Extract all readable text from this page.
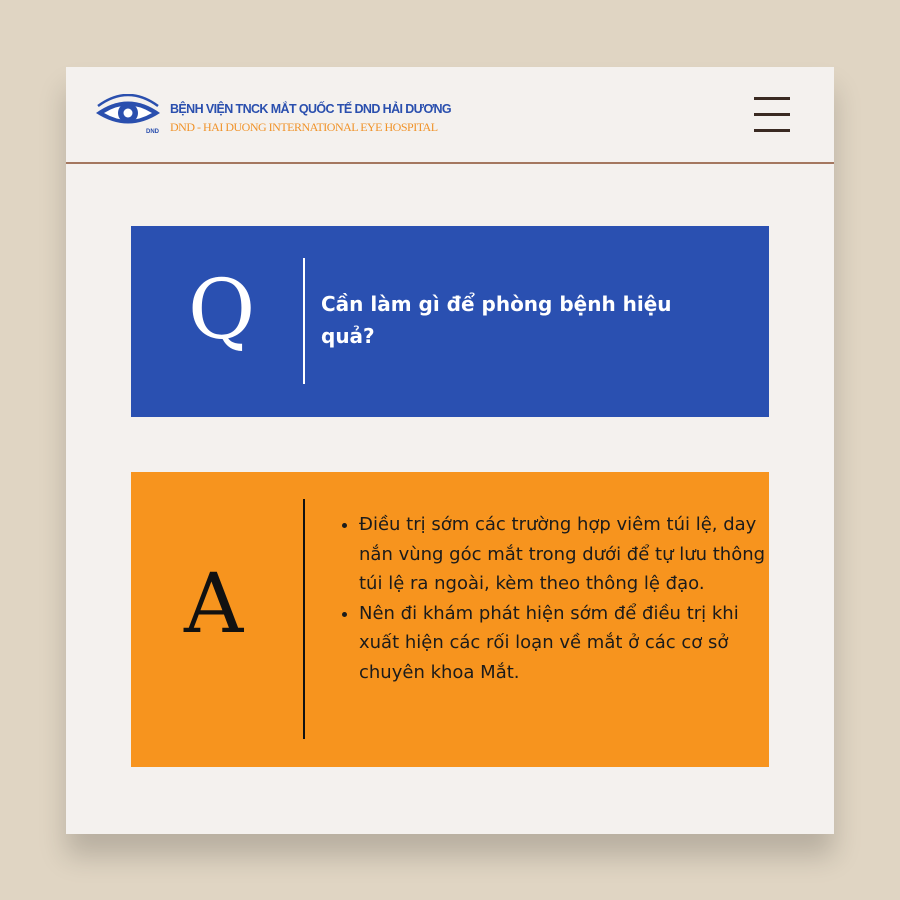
DND
BỆNH VIỆN TNCK MẮT QUỐC TẾ DND HẢI DƯƠNG
DND - HAI DUONG INTERNATIONAL EYE HOSPITAL
Q	Cần làm gì để phòng bệnh hiệu quả?

A
• Điều trị sớm các trường hợp viêm túi lệ, day nắn vùng góc mắt trong dưới để tự lưu thông túi lệ ra ngoài, kèm theo thông lệ đạo.
• Nên đi khám phát hiện sớm để điều trị khi xuất hiện các rối loạn về mắt ở các cơ sở chuyên khoa Mắt.
